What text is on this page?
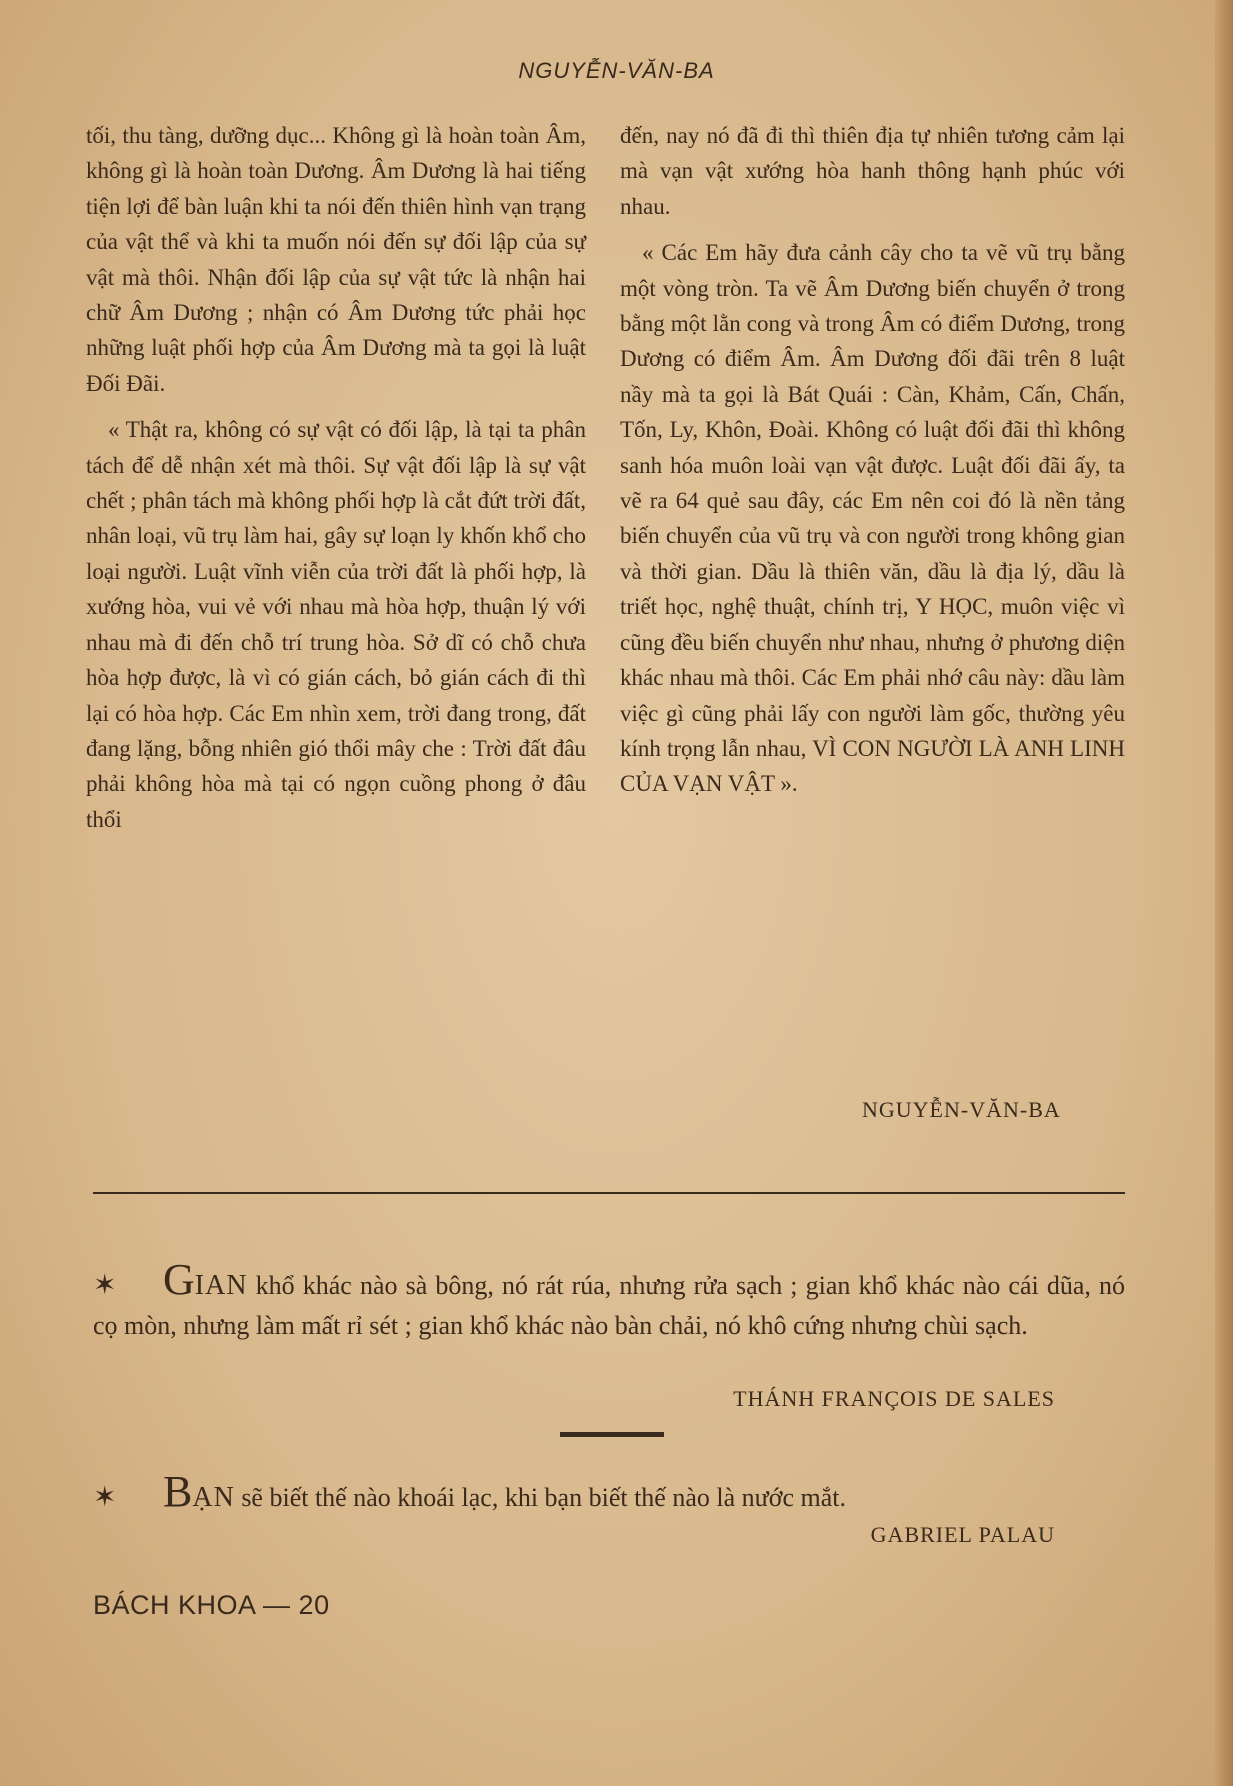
NGUYỄN-VĂN-BA

tối, thu tàng, dưỡng dục... Không gì là hoàn toàn Âm, không gì là hoàn toàn Dương. Âm Dương là hai tiếng tiện lợi để bàn luận khi ta nói đến thiên hình vạn trạng của vật thể và khi ta muốn nói đến sự đối lập của sự vật mà thôi. Nhận đối lập của sự vật tức là nhận hai chữ Âm Dương ; nhận có Âm Dương tức phải học những luật phối hợp của Âm Dương mà ta gọi là luật Đối Đãi.

« Thật ra, không có sự vật có đối lập, là tại ta phân tách để dễ nhận xét mà thôi. Sự vật đối lập là sự vật chết ; phân tách mà không phối hợp là cắt đứt trời đất, nhân loại, vũ trụ làm hai, gây sự loạn ly khốn khổ cho loại người. Luật vĩnh viễn của trời đất là phối hợp, là xướng hòa, vui vẻ với nhau mà hòa hợp, thuận lý với nhau mà đi đến chỗ trí trung hòa. Sở dĩ có chỗ chưa hòa hợp được, là vì có gián cách, bỏ gián cách đi thì lại có hòa hợp. Các Em nhìn xem, trời đang trong, đất đang lặng, bỗng nhiên gió thổi mây che : Trời đất đâu phải không hòa mà tại có ngọn cuồng phong ở đâu thổi

đến, nay nó đã đi thì thiên địa tự nhiên tương cảm lại mà vạn vật xướng hòa hanh thông hạnh phúc với nhau.

« Các Em hãy đưa cảnh cây cho ta vẽ vũ trụ bằng một vòng tròn. Ta vẽ Âm Dương biến chuyển ở trong bằng một lằn cong và trong Âm có điểm Dương, trong Dương có điểm Âm. Âm Dương đối đãi trên 8 luật nầy mà ta gọi là Bát Quái : Càn, Khảm, Cấn, Chấn, Tốn, Ly, Khôn, Đoài. Không có luật đối đãi thì không sanh hóa muôn loài vạn vật được. Luật đối đãi ấy, ta vẽ ra 64 quẻ sau đây, các Em nên coi đó là nền tảng biến chuyển của vũ trụ và con người trong không gian và thời gian. Dầu là thiên văn, dầu là địa lý, dầu là triết học, nghệ thuật, chính trị, Y HỌC, muôn việc vì cũng đều biến chuyển như nhau, nhưng ở phương diện khác nhau mà thôi. Các Em phải nhớ câu này: dầu làm việc gì cũng phải lấy con người làm gốc, thường yêu kính trọng lẫn nhau, VÌ CON NGƯỜI LÀ ANH LINH CỦA VẠN VẬT ».

NGUYỄN-VĂN-BA
✶ GIAN khổ khác nào sà bông, nó rát rúa, nhưng rửa sạch ; gian khổ khác nào cái dũa, nó cọ mòn, nhưng làm mất rỉ sét ; gian khổ khác nào bàn chải, nó khô cứng nhưng chùi sạch.
THÁNH FRANÇOIS DE SALES
✶ BẠN sẽ biết thế nào khoái lạc, khi bạn biết thế nào là nước mắt.
GABRIEL PALAU
BÁCH KHOA — 20
